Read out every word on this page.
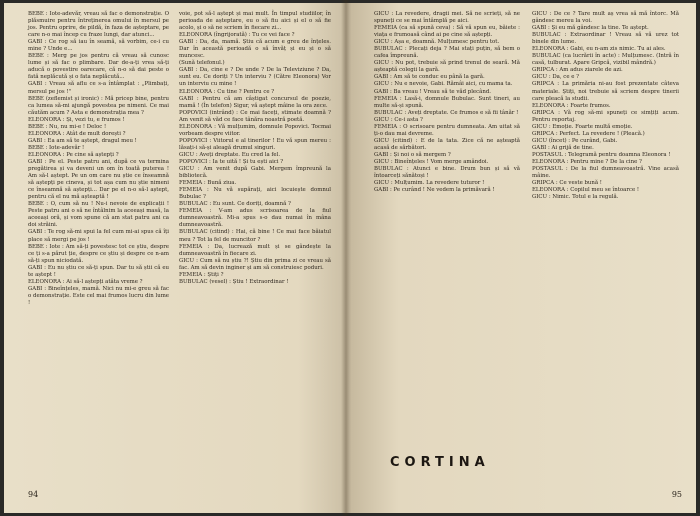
BEBE : Iote-adevăr, vreau să fac o demonstrație. O plăsmuire pentru întreținerea omului în mersul pe jos. Pentru oprire, de pildă, în faza de așteptare, pe care n-o mai încep cu fraze lungi, dar atunci...

GABI : Ce rog să iau în seamă, să vorbim, ce-i cu mine ? Unde e...

BEBE : Merg pe jos pentru că vreau să cunosc lume și să fac o plimbare. Dar de-a-ți vrea să-ți aducă o povestire oarecare, că n-o să dai peste o fată neplăcută și o fata neplăcută...

GABI : Vreau să aflu ce s-a întâmplat : „Plimbați, mersul pe jos !"

BEBE (zeflemist și ironic) : Mă pricep bine, pentru ca lumea să-mi ajungă povestea pe nimeni. Ce mai căutăm acum ? Asta e demonstrația mea ?

ELEONORA : Și, vezi tu, e frumos !

BEBE : Nu, nu mi-e ! Deloc !

ELEONORA : Atât de mult dorești ?

GABI : Ea am să te aștept, dragul meu !

BEBE : Iote-adevăr !

ELEONORA : Pe cine să aștepți ?

GABI : Pe el. Peste patru ani, după ce va termina pregătirea și va deveni un om în toată puterea ! Am să-l aștept. Pe un om care nu știe ce înseamnă să aștepți pe cineva, și tot așa cum nu știe nimeni ce înseamnă să aștepți... Dar pe el n-o să-l aștept, pentru că el nu mă așteaptă !

BEBE : O, cum să nu ! Nu-i nevoie de explicații ! Peste patru ani o să ne întâlnim la aceeași masă, la aceeași oră, și vom spune că am stat patru ani ca doi străini.

GABI : Te rog să-mi spui la fel cum mi-ai spus că îți place să mergi pe jos !

BEBE : Iote : Am să-ți povestesc tot ce știu, despre ce ți s-a părut ție, despre ce știu și despre ce n-am să-ți spun niciodată.

GABI : Eu nu știu ce să-ți spun. Dar tu să știi că eu te aștept !

ELEONORA : Ai să-l aștepți atâta vreme ?

GABI : Bineînțeles, mamă. Nici nu mi-e greu să fac o demonstrație. Este cel mai frumos lucru din lume !

voie, pot să-l aștept și mai mult. În timpul studiilor, în perioada de așteptare, eu o să fiu aici și el o să fie acolo, și o să ne scriem în fiecare zi...

ELEONORA (îngrijorată) : Tu ce vei face ?

GABI : Da, da, mamă. Știu că acum e greu de înțeles. Dar în această perioadă o să învăț și eu și o să muncesc.

(Sună telefonul.)

GABI : Da, cine e ? De unde ? De la Televiziune ? Da, sunt eu. Ce doriți ? Un interviu ? (Către Eleonora) Vor un interviu cu mine !

ELEONORA : Cu tine ? Pentru ce ?

GABI : Pentru că am câștigat concursul de poezie, mamă ! (În telefon) Sigur, vă aștept mâine la ora zece.

POPOVICI (intrând) : Ce mai faceți, stimate doamnă ? Am venit să văd ce face tânăra noastră poetă.

ELEONORA : Vă mulțumim, domnule Popovici. Tocmai vorbeam despre viitor.

POPOVICI : Viitorul e al tinerilor ! Eu vă spun mereu : lăsați-i să-și aleagă drumul singuri.

GICU : Aveți dreptate. Eu cred la fel.

POPOVICI : Ia te uită ! Și tu ești aici ?

GICU : Am venit după Gabi. Mergem împreună la bibliotecă.

FEMEIA : Bună ziua.

FEMEIA : Nu vă supărați, aici locuiește domnul Bubulac ?

BUBULAC : Eu sunt. Ce doriți, doamnă ?

FEMEIA : V-am adus scrisoarea de la fiul dumneavoastră. Mi-a spus s-o dau numai în mâna dumneavoastră.

BUBULAC (citind) : Hai, că bine ! Ce mai face băiatul meu ? Tot la fel de muncitor ?

FEMEIA : Da, lucrează mult și se gândește la dumneavoastră în fiecare zi.

GICU : Cum să nu știu ?! Știu din prima zi ce vreau să fac. Am să devin inginer și am să construiesc poduri.

FEMEIA : Știți ?

BUBULAC (vesel) : Știu ! Extraordinar !

94

GICU : La revedere, dragii mei. Să ne scrieți, să ne spuneți ce se mai întâmplă pe aici.

FEMEIA (ca să spună ceva) : Să vă spun eu, băiete : viața e frumoasă când ai pe cine să aștepți.

GICU : Așa e, doamnă. Mulțumesc pentru tot.

BUBULAC : Plecați deja ? Mai stați puțin, să bem o cafea împreună.

GICU : Nu pot, trebuie să prind trenul de seară. Mă așteaptă colegii la gară.

GABI : Am să te conduc eu până la gară.

GICU : Nu e nevoie, Gabi. Rămâi aici, cu mama ta.

GABI : Ba vreau ! Vreau să te văd plecând.

FEMEIA : Lasă-i, domnule Bubulac. Sunt tineri, au multe să-și spună.

BUBULAC : Aveți dreptate. Ce frumos e să fii tânăr !

GICU : Ce-i asta ?

FEMEIA : O scrisoare pentru dumneata. Am uitat să ți-o dau mai devreme.

GICU (citind) : E de la tata. Zice că ne așteaptă acasă de sărbători.

GABI : Și noi o să mergem ?

GICU : Bineînțeles ! Vom merge amândoi.

BUBULAC : Atunci e bine. Drum bun și să vă întoarceți sănătoși !

GICU : Mulțumim. La revedere tuturor !

GABI : Pe curând ! Ne vedem la primăvară !

GICU : De ce ? Tare mult aș vrea să mă întorc. Mă gândesc mereu la voi.

GABI : Și eu mă gândesc la tine. Te aștept.

BUBULAC : Extraordinar ! Vreau să vă urez tot binele din lume.

ELEONORA : Gabi, eu n-am zis nimic. Tu ai ales.

BUBULAC (ca lucrării în acte) : Mulțumesc. (Intră în casă, tulburat. Apare Gripcă, vizibil mândră.)

GRIPCA : Am adus ziarele de azi.

GICU : Da, ce e ?

GRIPCA : La primăria ni-au fost prezentate câteva materiale. Știți, noi trebuie să scriem despre tinerii care pleacă la studii.

ELEONORA : Foarte frumos.

GRIPCA : Vă rog să-mi spuneți ce simțiți acum. Pentru reportaj.

GICU : Emoție. Foarte multă emoție.

GRIPCA : Perfect. La revedere ! (Pleacă.)

GICU (încet) : Pe curând, Gabi.

GABI : Ai grijă de tine.

POSTASUL : Telegramă pentru doamna Eleonora !

ELEONORA : Pentru mine ? De la cine ?

POSTASUL : De la fiul dumneavoastră. Vine acasă mâine.

GRIPCA : Ce veste bună !

ELEONORA : Copilul meu se întoarce !

GICU : Nimic. Totul e la regulă.

CORTINA
95
